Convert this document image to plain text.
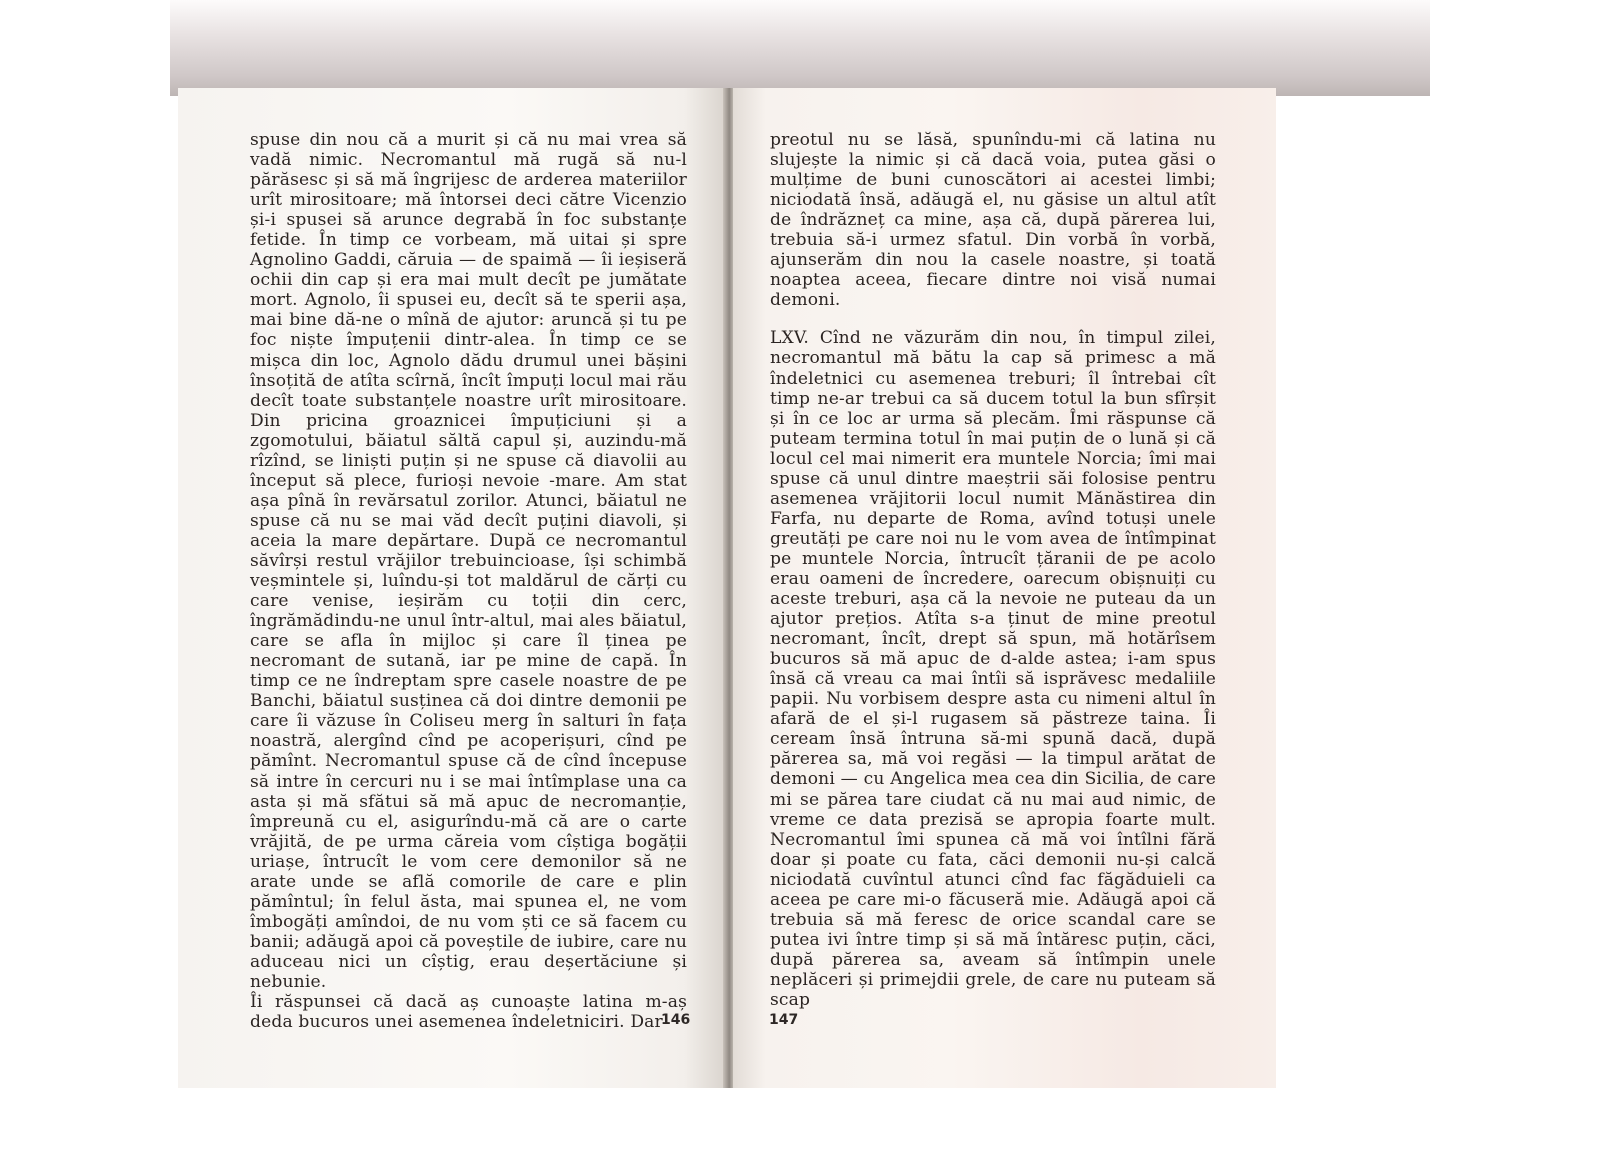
spuse din nou că a murit și că nu mai vrea să vadă nimic. Necromantul mă rugă să nu-l părăsesc și să mă îngrijesc de arderea materiilor urît mirositoare; mă întorsei deci către Vicenzio și-i spusei să arunce degrabă în foc substanțe fetide. În timp ce vorbeam, mă uitai și spre Agnolino Gaddi, căruia — de spaimă — îi ieșiseră ochii din cap și era mai mult decît pe jumătate mort. Agnolo, îi spusei eu, decît să te sperii așa, mai bine dă-ne o mînă de ajutor: aruncă și tu pe foc niște împuțenii dintr-alea. În timp ce se mișca din loc, Agnolo dădu drumul unei bășini însoțită de atîta scîrnă, încît împuți locul mai rău decît toate substanțele noastre urît mirositoare. Din pricina groaznicei împuțiciuni și a zgomotului, băiatul săltă capul și, auzindu-mă rîzînd, se liniști puțin și ne spuse că diavolii au început să plece, furioși nevoie -mare. Am stat așa pînă în revărsatul zorilor. Atunci, băiatul ne spuse că nu se mai văd decît puțini diavoli, și aceia la mare depărtare. După ce necromantul săvîrși restul vrăjilor trebuincioase, își schimbă veșmintele și, luîndu-și tot maldărul de cărți cu care venise, ieșirăm cu toții din cerc, îngrămădindu-ne unul într-altul, mai ales băiatul, care se afla în mijloc și care îl ținea pe necromant de sutană, iar pe mine de capă. În timp ce ne îndreptam spre casele noastre de pe Banchi, băiatul susținea că doi dintre demonii pe care îi văzuse în Coliseu merg în salturi în fața noastră, alergînd cînd pe acoperișuri, cînd pe pămînt. Necromantul spuse că de cînd începuse să intre în cercuri nu i se mai întîmplase una ca asta și mă sfătui să mă apuc de necromanție, împreună cu el, asigurîndu-mă că are o carte vrăjită, de pe urma căreia vom cîștiga bogății uriașe, întrucît le vom cere demonilor să ne arate unde se află comorile de care e plin pămîntul; în felul ăsta, mai spunea el, ne vom îmbogăți amîndoi, de nu vom ști ce să facem cu banii; adăugă apoi că poveștile de iubire, care nu aduceau nici un cîștig, erau deșertăciune și nebunie.

Îi răspunsei că dacă aș cunoaște latina m-aș deda bucuros unei asemenea îndeletniciri. Dar

146

preotul nu se lăsă, spunîndu-mi că latina nu slujește la nimic și că dacă voia, putea găsi o mulțime de buni cunoscători ai acestei limbi; niciodată însă, adăugă el, nu găsise un altul atît de îndrăzneț ca mine, așa că, după părerea lui, trebuia să-i urmez sfatul. Din vorbă în vorbă, ajunserăm din nou la casele noastre, și toată noaptea aceea, fiecare dintre noi visă numai demoni.

LXV. Cînd ne văzurăm din nou, în timpul zilei, necromantul mă bătu la cap să primesc a mă îndeletnici cu asemenea treburi; îl întrebai cît timp ne-ar trebui ca să ducem totul la bun sfîrșit și în ce loc ar urma să plecăm. Îmi răspunse că puteam termina totul în mai puțin de o lună și că locul cel mai nimerit era muntele Norcia; îmi mai spuse că unul dintre maeștrii săi folosise pentru asemenea vrăjitorii locul numit Mănăstirea din Farfa, nu departe de Roma, avînd totuși unele greutăți pe care noi nu le vom avea de întîmpinat pe muntele Norcia, întrucît țăranii de pe acolo erau oameni de încredere, oarecum obișnuiți cu aceste treburi, așa că la nevoie ne puteau da un ajutor prețios. Atîta s-a ținut de mine preotul necromant, încît, drept să spun, mă hotărîsem bucuros să mă apuc de d-alde astea; i-am spus însă că vreau ca mai întîi să isprăvesc medaliile papii. Nu vorbisem despre asta cu nimeni altul în afară de el și-l rugasem să păstreze taina. Îi ceream însă întruna să-mi spună dacă, după părerea sa, mă voi regăsi — la timpul arătat de demoni — cu Angelica mea cea din Sicilia, de care mi se părea tare ciudat că nu mai aud nimic, de vreme ce data prezisă se apropia foarte mult. Necromantul îmi spunea că mă voi întîlni fără doar și poate cu fata, căci demonii nu-și calcă niciodată cuvîntul atunci cînd fac făgăduieli ca aceea pe care mi-o făcuseră mie. Adăugă apoi că trebuia să mă feresc de orice scandal care se putea ivi între timp și să mă întăresc puțin, căci, după părerea sa, aveam să întîmpin unele neplăceri și primejdii grele, de care nu puteam să scap

147
